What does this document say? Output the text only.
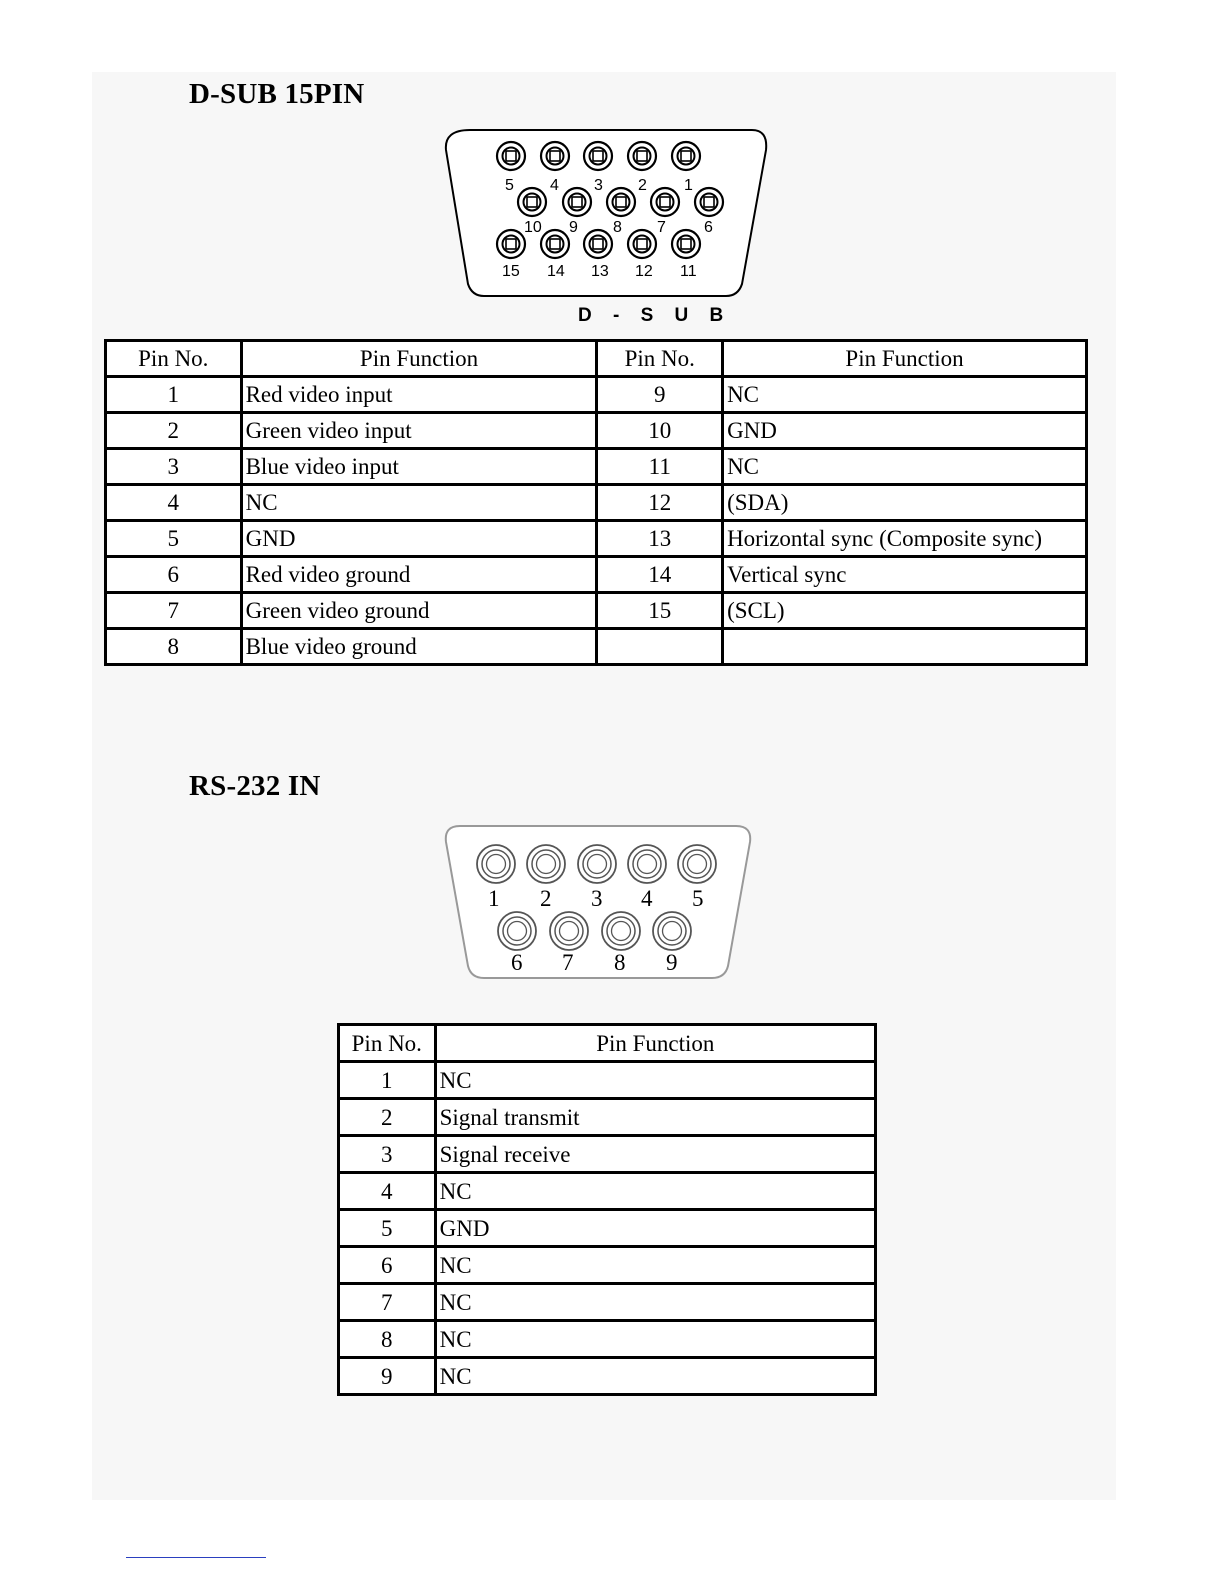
D-SUB 15PIN
1
2
3
4
5
6
7
8
9
10
11
12
13
14
15
D - S U B
Pin No.	Pin Function	Pin No.	Pin Function
1	Red video input	9	NC
2	Green video input	10	GND
3	Blue video input	11	NC
4	NC	12	(SDA)
5	GND	13	Horizontal sync (Composite sync)
6	Red video ground	14	Vertical sync
7	Green video ground	15	(SCL)
8	Blue video ground		
RS-232 IN
1 2 3 4 5
6 7 8 9
Pin No.	Pin Function
1	NC
2	Signal transmit
3	Signal receive
4	NC
5	GND
6	NC
7	NC
8	NC
9	NC
